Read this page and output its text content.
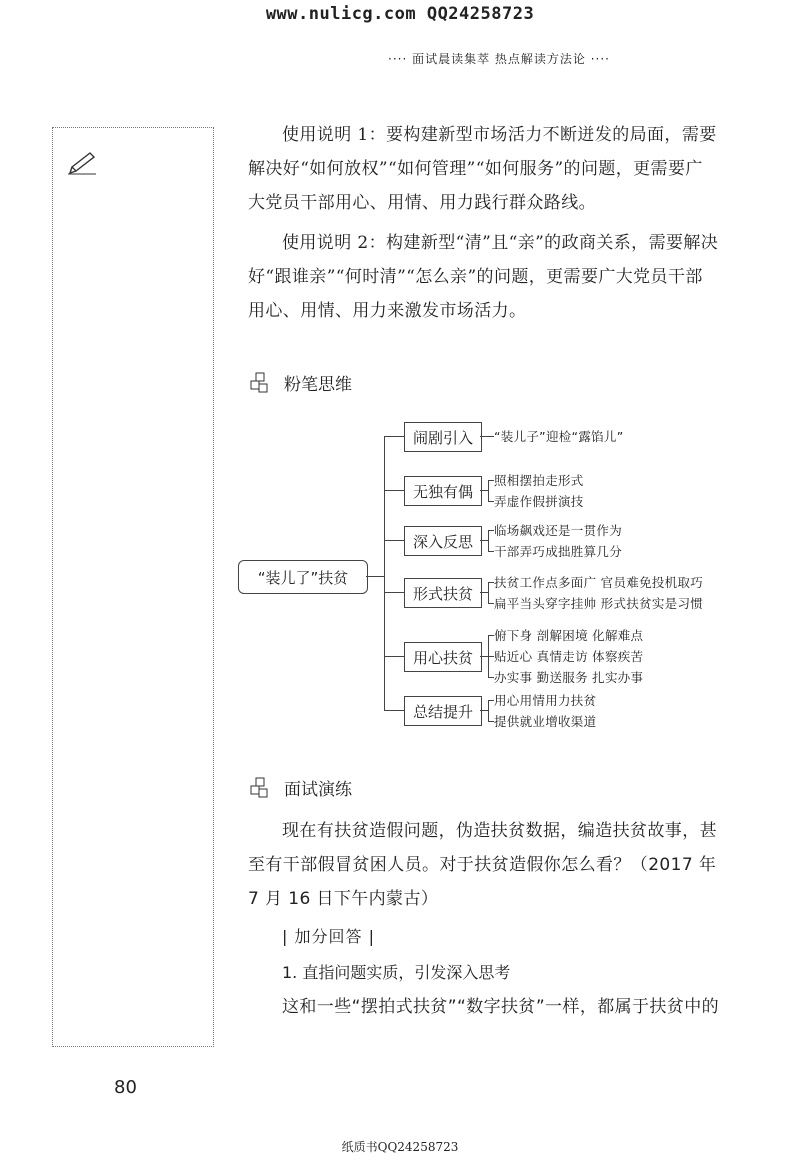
www.nulicg.com QQ24258723
···· 面试晨读集萃 热点解读方法论 ····
使用说明 1：要构建新型市场活力不断迸发的局面，需要解决好“如何放权”“如何管理”“如何服务”的问题，更需要广大党员干部用心、用情、用力践行群众路线。
使用说明 2：构建新型“清”且“亲”的政商关系，需要解决好“跟谁亲”“何时清”“怎么亲”的问题，更需要广大党员干部用心、用情、用力来激发市场活力。
粉笔思维
“装儿了”扶贫
闹剧引入	“装儿子”迎检“露馅儿”
无独有偶
照相摆拍走形式
弄虚作假拼演技
深入反思
临场飙戏还是一贯作为
干部弄巧成拙胜算几分
形式扶贫
扶贫工作点多面广 官员难免投机取巧
扁平当头穿字挂帅 形式扶贫实是习惯
用心扶贫
俯下身 剖解困境 化解难点
贴近心 真情走访 体察疾苦
办实事 勤送服务 扎实办事
总结提升
用心用情用力扶贫
提供就业增收渠道
面试演练
现在有扶贫造假问题，伪造扶贫数据，编造扶贫故事，甚至有干部假冒贫困人员。对于扶贫造假你怎么看？（2017 年 7 月 16 日下午内蒙古）
| 加分回答 |
1. 直指问题实质，引发深入思考
这和一些“摆拍式扶贫”“数字扶贫”一样，都属于扶贫中的
80
纸质书QQ24258723
